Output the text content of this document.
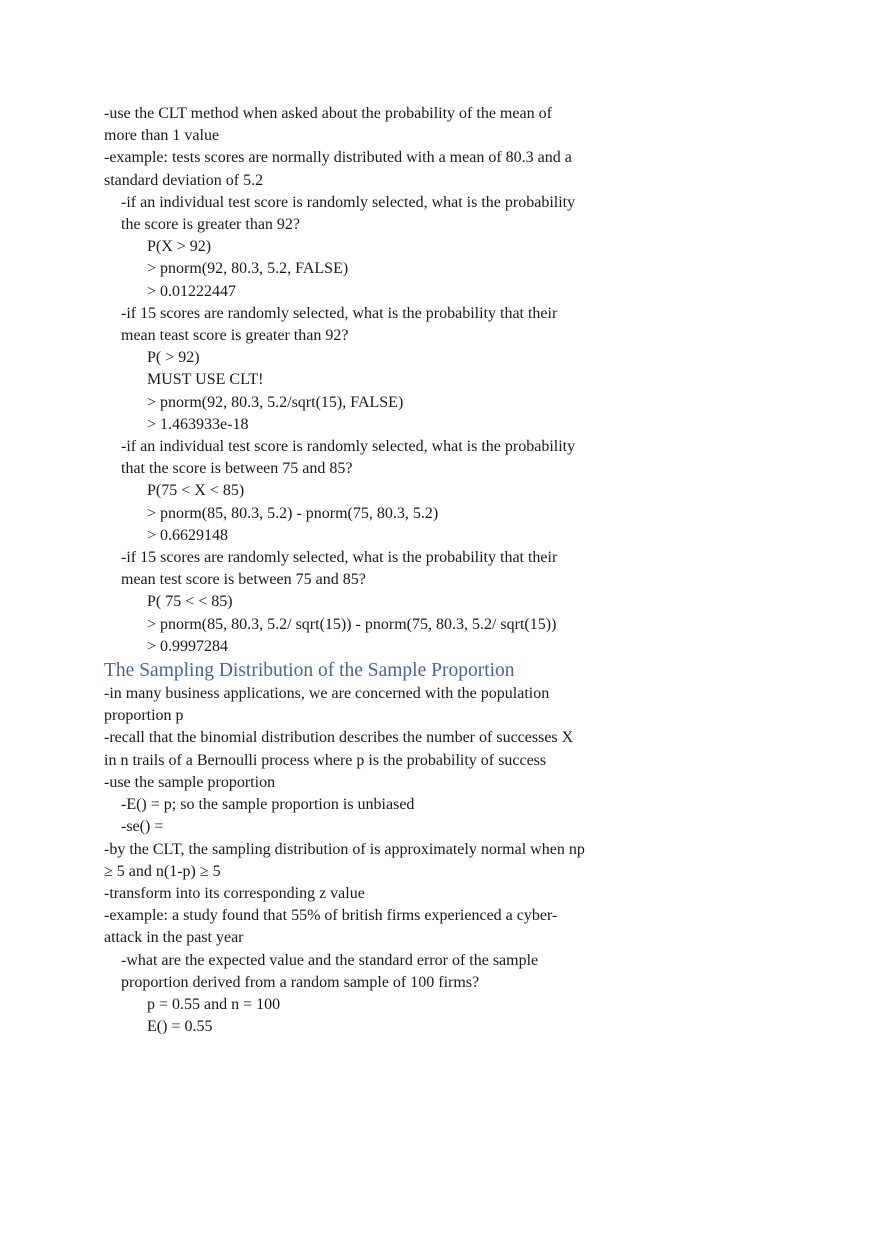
-use the CLT method when asked about the probability of the mean of
more than 1 value
-example: tests scores are normally distributed with a mean of 80.3 and a
standard deviation of 5.2
-if an individual test score is randomly selected, what is the probability
the score is greater than 92?
P(X > 92)
> pnorm(92, 80.3, 5.2, FALSE)
> 0.01222447
-if 15 scores are randomly selected, what is the probability that their
mean teast score is greater than 92?
P( > 92)
MUST USE CLT!
> pnorm(92, 80.3, 5.2/sqrt(15), FALSE)
> 1.463933e-18
-if an individual test score is randomly selected, what is the probability
that the score is between 75 and 85?
P(75 < X < 85)
> pnorm(85, 80.3, 5.2) - pnorm(75, 80.3, 5.2)
> 0.6629148
-if 15 scores are randomly selected, what is the probability that their
mean test score is between 75 and 85?
P( 75 < < 85)
> pnorm(85, 80.3, 5.2/ sqrt(15)) - pnorm(75, 80.3, 5.2/ sqrt(15))
> 0.9997284
The Sampling Distribution of the Sample Proportion
-in many business applications, we are concerned with the population
proportion p
-recall that the binomial distribution describes the number of successes X
in n trails of a Bernoulli process where p is the probability of success
-use the sample proportion
-E() = p; so the sample proportion is unbiased
-se() =
-by the CLT, the sampling distribution of is approximately normal when np
≥ 5 and n(1-p) ≥ 5
-transform into its corresponding z value
-example: a study found that 55% of british firms experienced a cyber-
attack in the past year
-what are the expected value and the standard error of the sample
proportion derived from a random sample of 100 firms?
p = 0.55 and n = 100
E() = 0.55
